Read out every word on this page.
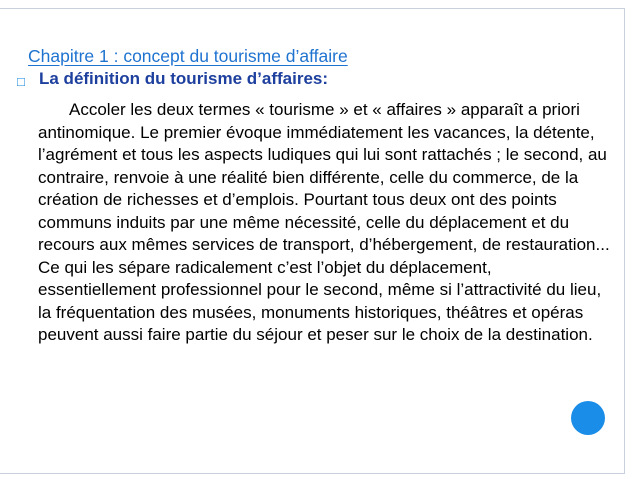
Chapitre 1 : concept du tourisme d’affaire
□ La définition du tourisme d’affaires:

Accoler les deux termes « tourisme » et « affaires » apparaît a priori antinomique. Le premier évoque immédiatement les vacances, la détente, l’agrément et tous les aspects ludiques qui lui sont rattachés ; le second, au contraire, renvoie à une réalité bien différente, celle du commerce, de la création de richesses et d’emplois. Pourtant tous deux ont des points communs induits par une même nécessité, celle du déplacement et du recours aux mêmes services de transport, d’hébergement, de restauration... Ce qui les sépare radicalement c’est l’objet du déplacement, essentiellement professionnel pour le second, même si l’attractivité du lieu, la fréquentation des musées, monuments historiques, théâtres et opéras peuvent aussi faire partie du séjour et peser sur le choix de la destination.
